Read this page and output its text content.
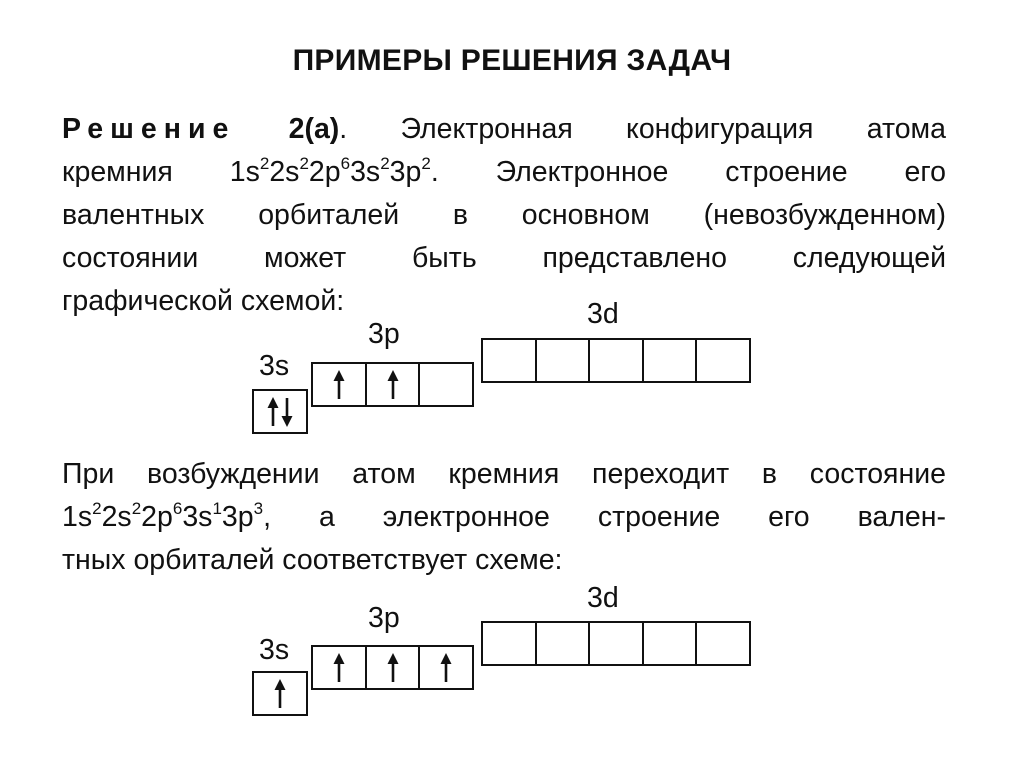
ПРИМЕРЫ РЕШЕНИЯ ЗАДАЧ
Решение 2(а). Электронная конфигурация атома
кремния $1s^22s^22p^63s^23p^2$. Электронное строение его
валентных орбиталей в основном (невозбужденном)
состоянии может быть представлено следующей
графической схемой:
3s
3p
3d
При возбуждении атом кремния переходит в состояние
$1s^22s^22p^63s^13p^3$, а электронное строение его вален-
тных орбиталей соответствует схеме:
3s
3p
3d
